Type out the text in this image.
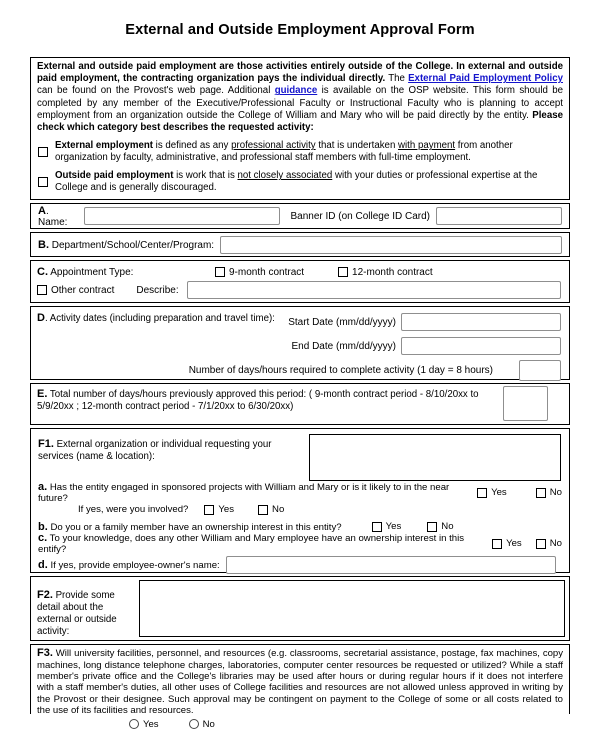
External and Outside Employment Approval Form
External and outside paid employment are those activities entirely outside of the College. In external and outside paid employment, the contracting organization pays the individual directly. The External Paid Employment Policy can be found on the Provost's web page. Additional guidance is available on the OSP website. This form should be completed by any member of the Executive/Professional Faculty or Instructional Faculty who is planning to accept employment from an organization outside the College of William and Mary who will be paid directly by the entity. Please check which category best describes the requested activity:
External employment is defined as any professional activity that is undertaken with payment from another organization by faculty, administrative, and professional staff members with full-time employment.
Outside paid employment is work that is not closely associated with your duties or professional expertise at the College and is generally discouraged.
A. Name:
Banner ID (on College ID Card)
B. Department/School/Center/Program:
C. Appointment Type:	9-month contract	12-month contract
Other contract Describe:
D. Activity dates (including preparation and travel time): Start Date (mm/dd/yyyy)
End Date (mm/dd/yyyy)
Number of days/hours required to complete activity (1 day = 8 hours)
E. Total number of days/hours previously approved this period: ( 9-month contract period - 8/10/20xx to 5/9/20xx ; 12-month contract period - 7/1/20xx to 6/30/20xx)
F1. External organization or individual requesting your services (name & location):
a. Has the entity engaged in sponsored projects with William and Mary or is it likely to in the near future?
Yes	No
If yes, were you involved?	Yes	No
b. Do you or a family member have an ownership interest in this entity?	Yes	No
c. To your knowledge, does any other William and Mary employee have an ownership interest in this entify?
Yes	No
d. If yes, provide employee-owner's name:
F2. Provide some detail about the external or outside activity:
F3. Will university facilities, personnel, and resources (e.g. classrooms, secretarial assistance, postage, fax machines, copy machines, long distance telephone charges, laboratories, computer center resources be requested or utilized? While a staff member's private office and the College's libraries may be used after hours or during regular hours if it does not interfere with a staff member's duties, all other uses of College facilities and resources are not allowed unless approved in writing by the Provost or their designee. Such approval may be contingent on payment to the College of some or all costs related to the use of its facilities and resources.
Yes	No
